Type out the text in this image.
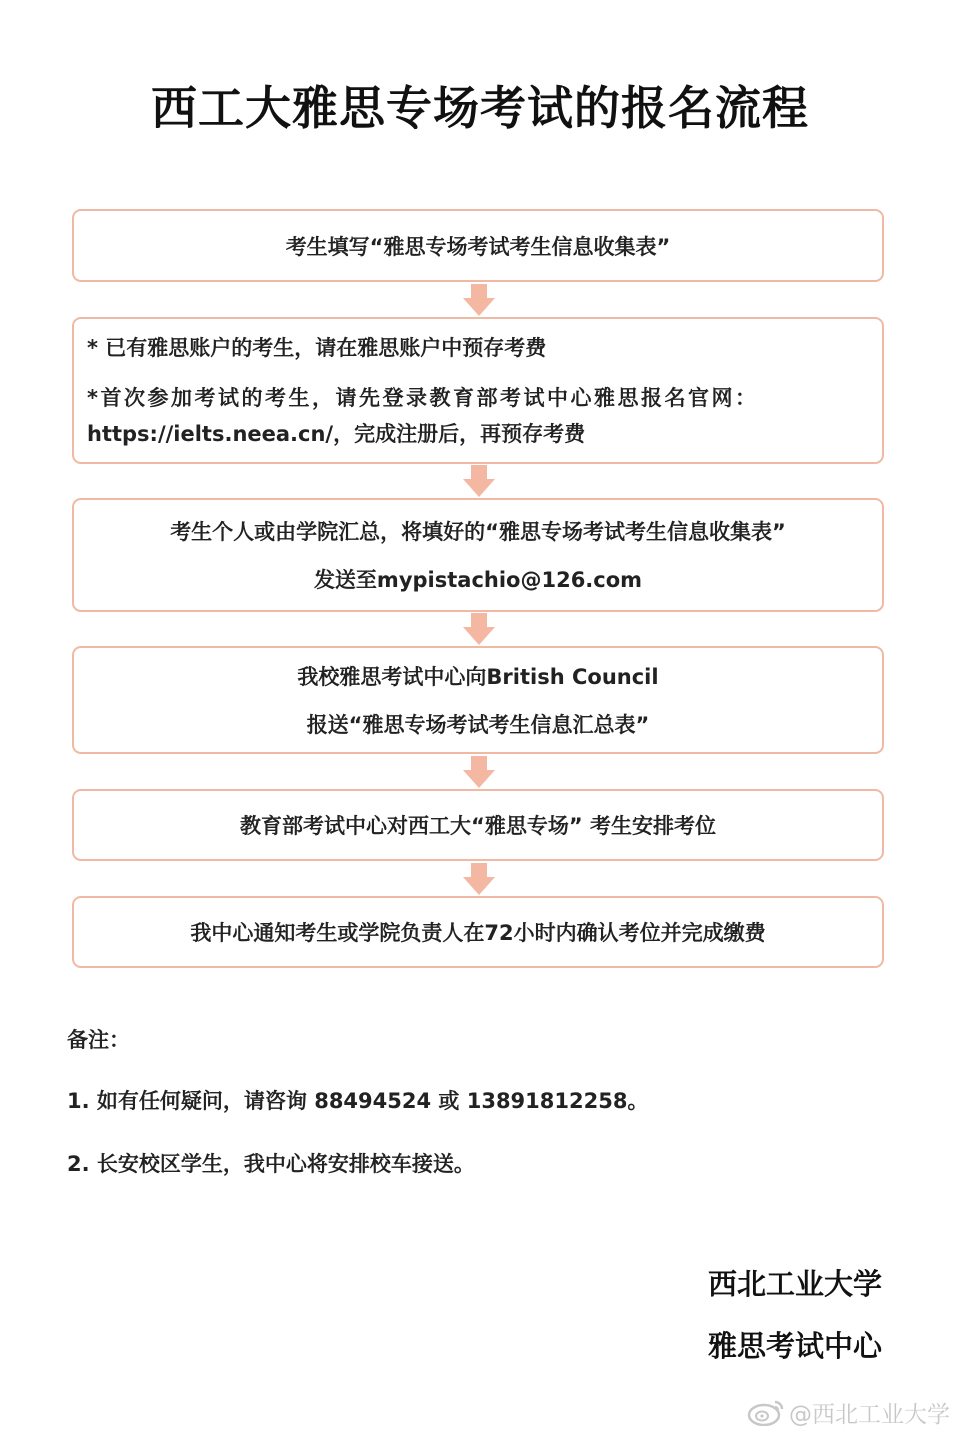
西工大雅思专场考试的报名流程
考生填写“雅思专场考试考生信息收集表”
* 已有雅思账户的考生，请在雅思账户中预存考费
*首次参加考试的考生，请先登录教育部考试中心雅思报名官网：
https://ielts.neea.cn/，完成注册后，再预存考费
考生个人或由学院汇总，将填好的“雅思专场考试考生信息收集表”
发送至mypistachio@126.com
我校雅思考试中心向British Council
报送“雅思专场考试考生信息汇总表”
教育部考试中心对西工大“雅思专场” 考生安排考位
我中心通知考生或学院负责人在72小时内确认考位并完成缴费
备注：
1. 如有任何疑问，请咨询 88494524 或 13891812258。
2. 长安校区学生，我中心将安排校车接送。
西北工业大学
雅思考试中心
@西北工业大学
